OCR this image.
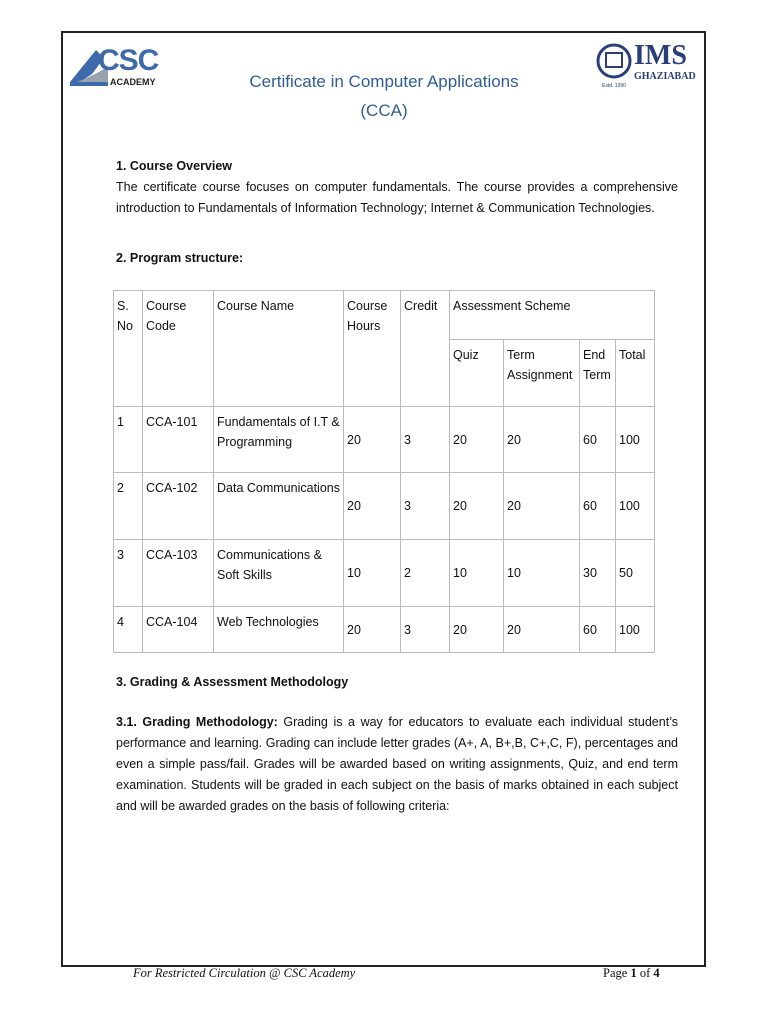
CSC
ACADEMY
IMS
GHAZIABAD
Estd. 1990
Certificate in Computer Applications
(CCA)
1. Course Overview
The certificate course focuses on computer fundamentals. The course provides a comprehensive introduction to Fundamentals of Information Technology; Internet & Communication Technologies.
2. Program structure:
S. No	Course Code	Course Name	Course Hours	Credit	Assessment Scheme			
					Quiz	Term Assignment	End Term	Total
1	CCA-101	Fundamentals of I.T & Programming	20	3	20	20	60	100
2	CCA-102	Data Communications	20	3	20	20	60	100
3	CCA-103	Communications & Soft Skills	10	2	10	10	30	50
4	CCA-104	Web Technologies	20	3	20	20	60	100
3. Grading & Assessment Methodology
3.1. Grading Methodology: Grading is a way for educators to evaluate each individual student’s performance and learning. Grading can include letter grades (A+, A, B+,B, C+,C, F), percentages and even a simple pass/fail. Grades will be awarded based on writing assignments, Quiz, and end term examination. Students will be graded in each subject on the basis of marks obtained in each subject and will be awarded grades on the basis of following criteria:
For Restricted Circulation @ CSC Academy	Page 1 of 4
